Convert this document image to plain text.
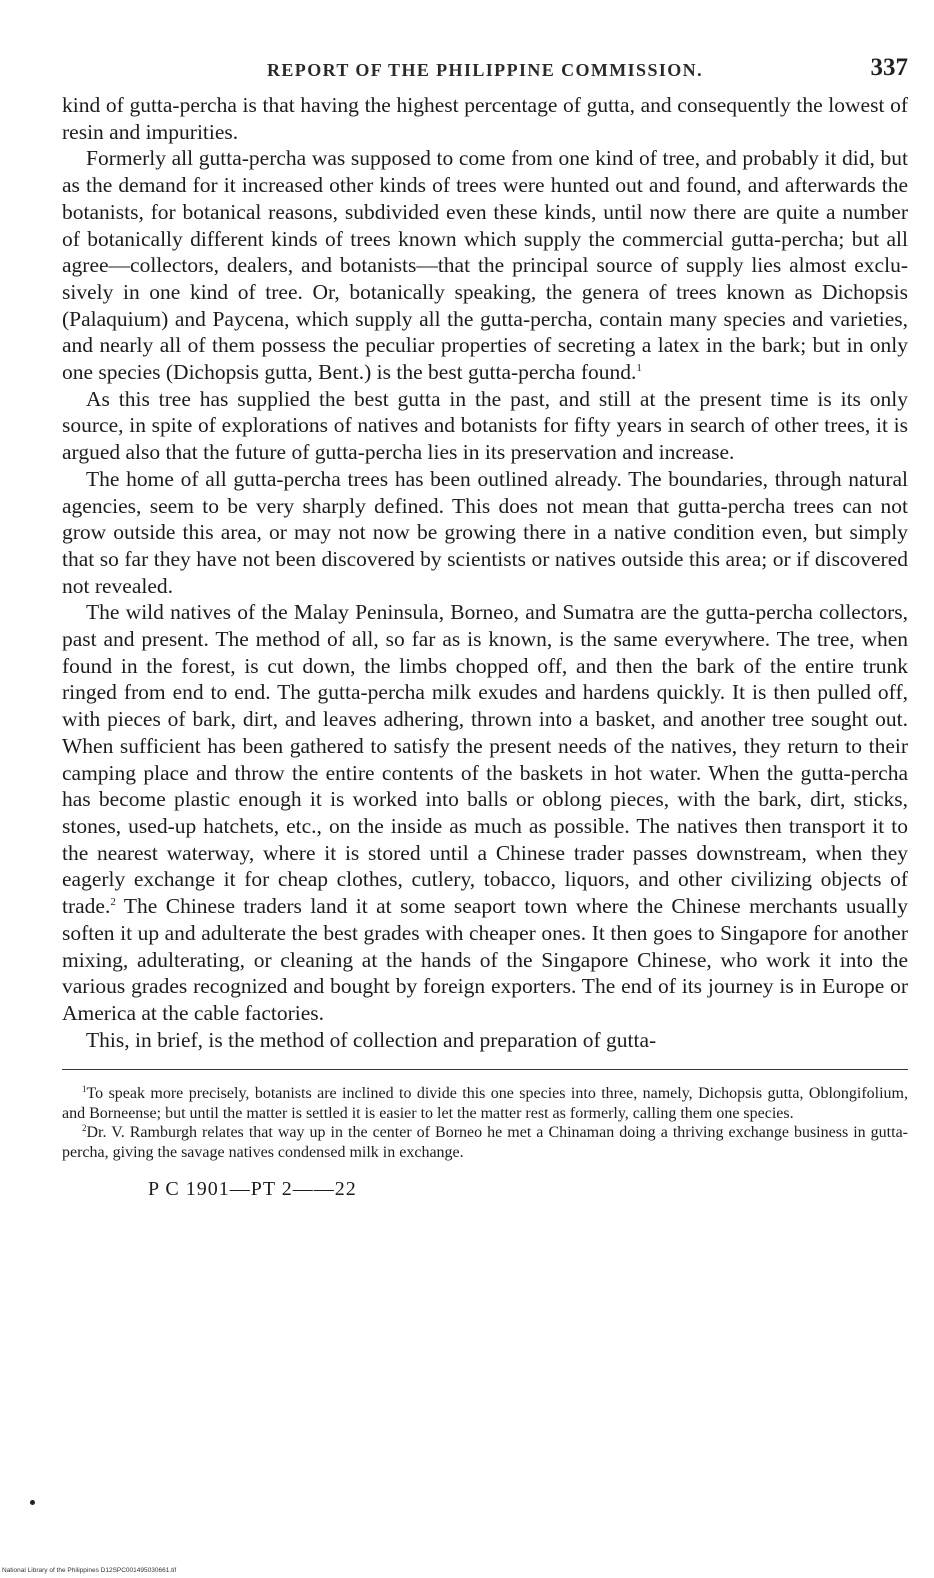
REPORT OF THE PHILIPPINE COMMISSION.	337

kind of gutta-percha is that having the highest percentage of gutta, and consequently the lowest of resin and impurities.

Formerly all gutta-percha was supposed to come from one kind of tree, and probably it did, but as the demand for it increased other kinds of trees were hunted out and found, and afterwards the botanists, for botanical reasons, subdivided even these kinds, until now there are quite a number of botanically different kinds of trees known which supply the commercial gutta-percha; but all agree—collectors, dealers, and botanists—that the principal source of supply lies almost exclusively in one kind of tree. Or, botanically speaking, the genera of trees known as Dichopsis (Palaquium) and Paycena, which supply all the gutta-percha, contain many species and varieties, and nearly all of them possess the peculiar properties of secreting a latex in the bark; but in only one species (Dichopsis gutta, Bent.) is the best gutta-percha found.$^1$

As this tree has supplied the best gutta in the past, and still at the present time is its only source, in spite of explorations of natives and botanists for fifty years in search of other trees, it is argued also that the future of gutta-percha lies in its preservation and increase.

The home of all gutta-percha trees has been outlined already. The boundaries, through natural agencies, seem to be very sharply defined. This does not mean that gutta-percha trees can not grow outside this area, or may not now be growing there in a native condition even, but simply that so far they have not been discovered by scientists or natives outside this area; or if discovered not revealed.

The wild natives of the Malay Peninsula, Borneo, and Sumatra are the gutta-percha collectors, past and present. The method of all, so far as is known, is the same everywhere. The tree, when found in the forest, is cut down, the limbs chopped off, and then the bark of the entire trunk ringed from end to end. The gutta-percha milk exudes and hardens quickly. It is then pulled off, with pieces of bark, dirt, and leaves adhering, thrown into a basket, and another tree sought out. When sufficient has been gathered to satisfy the present needs of the natives, they return to their camping place and throw the entire contents of the baskets in hot water. When the gutta-percha has become plastic enough it is worked into balls or oblong pieces, with the bark, dirt, sticks, stones, used-up hatchets, etc., on the inside as much as possible. The natives then transport it to the nearest waterway, where it is stored until a Chinese trader passes downstream, when they eagerly exchange it for cheap clothes, cutlery, tobacco, liquors, and other civilizing objects of trade.$^2$ The Chinese traders land it at some seaport town where the Chinese merchants usually soften it up and adulterate the best grades with cheaper ones. It then goes to Singapore for another mixing, adulterating, or cleaning at the hands of the Singapore Chinese, who work it into the various grades recognized and bought by foreign exporters. The end of its journey is in Europe or America at the cable factories.

This, in brief, is the method of collection and preparation of gutta-

$^1$To speak more precisely, botanists are inclined to divide this one species into three, namely, Dichopsis gutta, Oblongifolium, and Borneense; but until the matter is settled it is easier to let the matter rest as formerly, calling them one species.

$^2$Dr. V. Ramburgh relates that way up in the center of Borneo he met a Chinaman doing a thriving exchange business in gutta-percha, giving the savage natives condensed milk in exchange.

P C 1901—PT 2——22
National Library of the Philippines D12SPC001495030661.tif
